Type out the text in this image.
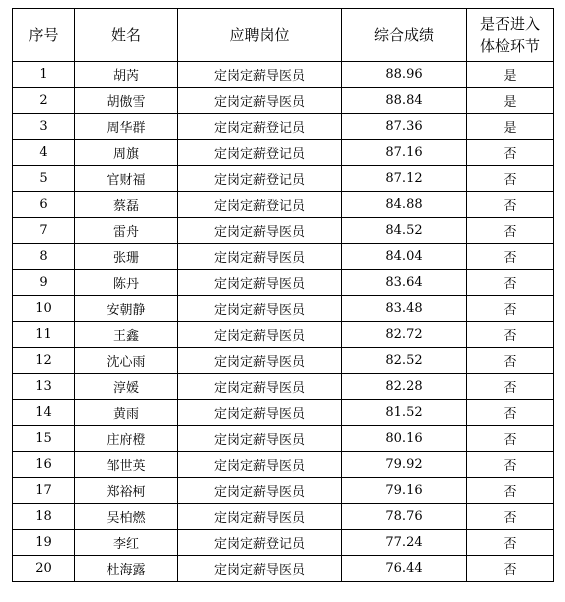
序号	姓名	应聘岗位	综合成绩	是否进入
体检环节

1	胡芮	定岗定薪导医员	88.96	是
2	胡傲雪	定岗定薪导医员	88.84	是
3	周华群	定岗定薪登记员	87.36	是
4	周旗	定岗定薪登记员	87.16	否
5	官财福	定岗定薪登记员	87.12	否
6	蔡磊	定岗定薪登记员	84.88	否
7	雷舟	定岗定薪导医员	84.52	否
8	张珊	定岗定薪导医员	84.04	否
9	陈丹	定岗定薪导医员	83.64	否
10	安朝静	定岗定薪导医员	83.48	否
11	王鑫	定岗定薪导医员	82.72	否
12	沈心雨	定岗定薪导医员	82.52	否
13	淳媛	定岗定薪导医员	82.28	否
14	黄雨	定岗定薪导医员	81.52	否
15	庄府橙	定岗定薪导医员	80.16	否
16	邹世英	定岗定薪导医员	79.92	否
17	郑裕柯	定岗定薪导医员	79.16	否
18	吴柏燃	定岗定薪导医员	78.76	否
19	李红	定岗定薪登记员	77.24	否
20	杜海露	定岗定薪导医员	76.44	否
